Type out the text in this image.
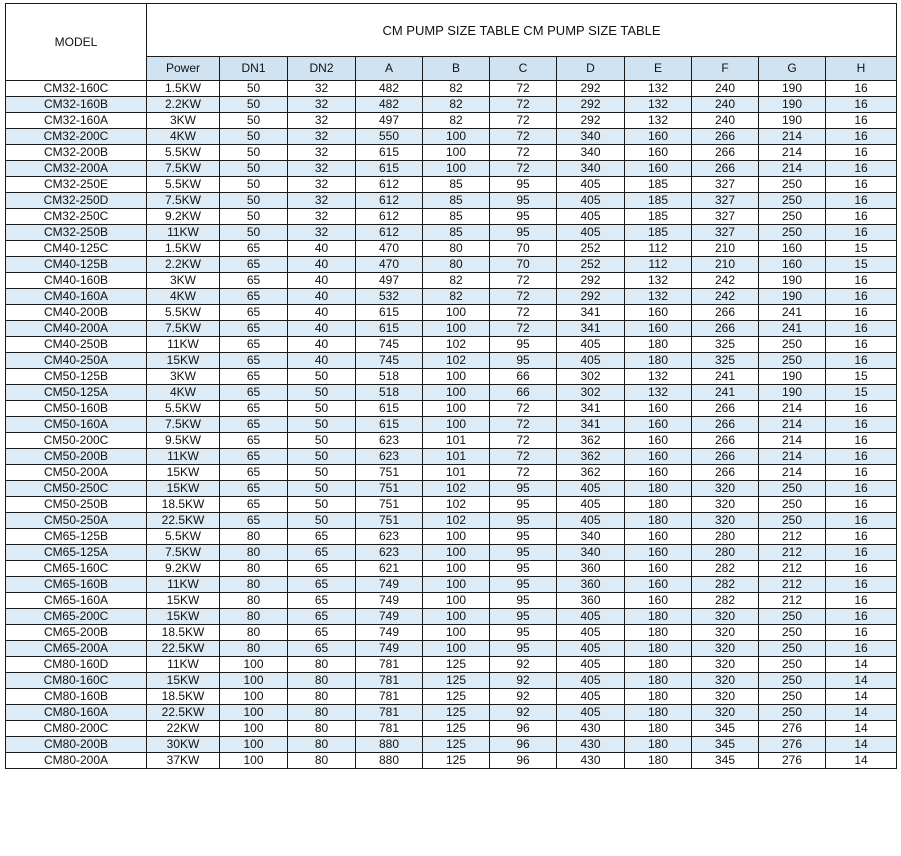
MODEL	CM PUMP SIZE TABLE CM PUMP SIZE TABLE										
	Power	DN1	DN2	A	B	C	D	E	F	G	H
CM32-160C	1.5KW	50	32	482	82	72	292	132	240	190	16
CM32-160B	2.2KW	50	32	482	82	72	292	132	240	190	16
CM32-160A	3KW	50	32	497	82	72	292	132	240	190	16
CM32-200C	4KW	50	32	550	100	72	340	160	266	214	16
CM32-200B	5.5KW	50	32	615	100	72	340	160	266	214	16
CM32-200A	7.5KW	50	32	615	100	72	340	160	266	214	16
CM32-250E	5.5KW	50	32	612	85	95	405	185	327	250	16
CM32-250D	7.5KW	50	32	612	85	95	405	185	327	250	16
CM32-250C	9.2KW	50	32	612	85	95	405	185	327	250	16
CM32-250B	11KW	50	32	612	85	95	405	185	327	250	16
CM40-125C	1.5KW	65	40	470	80	70	252	112	210	160	15
CM40-125B	2.2KW	65	40	470	80	70	252	112	210	160	15
CM40-160B	3KW	65	40	497	82	72	292	132	242	190	16
CM40-160A	4KW	65	40	532	82	72	292	132	242	190	16
CM40-200B	5.5KW	65	40	615	100	72	341	160	266	241	16
CM40-200A	7.5KW	65	40	615	100	72	341	160	266	241	16
CM40-250B	11KW	65	40	745	102	95	405	180	325	250	16
CM40-250A	15KW	65	40	745	102	95	405	180	325	250	16
CM50-125B	3KW	65	50	518	100	66	302	132	241	190	15
CM50-125A	4KW	65	50	518	100	66	302	132	241	190	15
CM50-160B	5.5KW	65	50	615	100	72	341	160	266	214	16
CM50-160A	7.5KW	65	50	615	100	72	341	160	266	214	16
CM50-200C	9.5KW	65	50	623	101	72	362	160	266	214	16
CM50-200B	11KW	65	50	623	101	72	362	160	266	214	16
CM50-200A	15KW	65	50	751	101	72	362	160	266	214	16
CM50-250C	15KW	65	50	751	102	95	405	180	320	250	16
CM50-250B	18.5KW	65	50	751	102	95	405	180	320	250	16
CM50-250A	22.5KW	65	50	751	102	95	405	180	320	250	16
CM65-125B	5.5KW	80	65	623	100	95	340	160	280	212	16
CM65-125A	7.5KW	80	65	623	100	95	340	160	280	212	16
CM65-160C	9.2KW	80	65	621	100	95	360	160	282	212	16
CM65-160B	11KW	80	65	749	100	95	360	160	282	212	16
CM65-160A	15KW	80	65	749	100	95	360	160	282	212	16
CM65-200C	15KW	80	65	749	100	95	405	180	320	250	16
CM65-200B	18.5KW	80	65	749	100	95	405	180	320	250	16
CM65-200A	22.5KW	80	65	749	100	95	405	180	320	250	16
CM80-160D	11KW	100	80	781	125	92	405	180	320	250	14
CM80-160C	15KW	100	80	781	125	92	405	180	320	250	14
CM80-160B	18.5KW	100	80	781	125	92	405	180	320	250	14
CM80-160A	22.5KW	100	80	781	125	92	405	180	320	250	14
CM80-200C	22KW	100	80	781	125	96	430	180	345	276	14
CM80-200B	30KW	100	80	880	125	96	430	180	345	276	14
CM80-200A	37KW	100	80	880	125	96	430	180	345	276	14
